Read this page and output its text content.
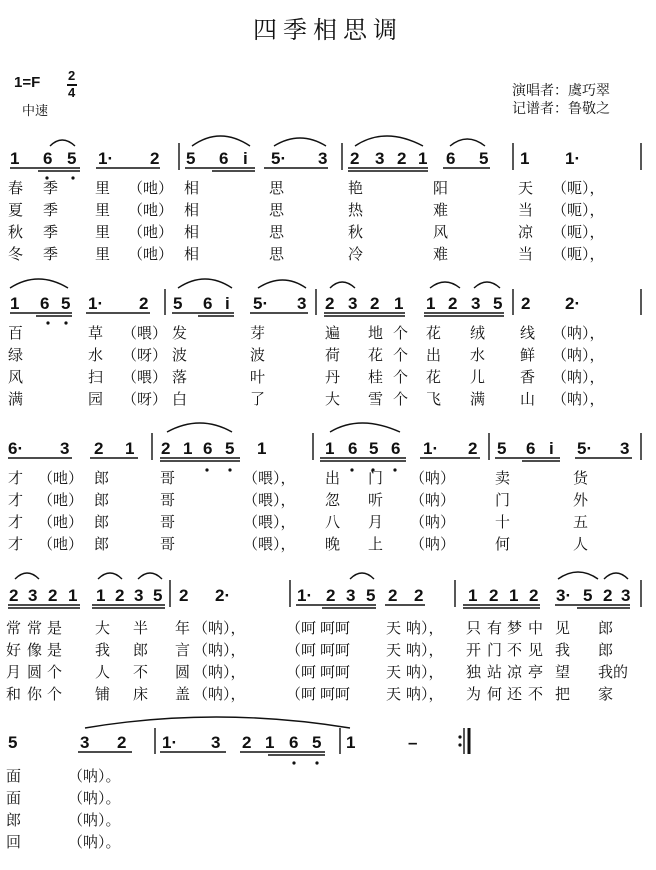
四季相思调
1=F 2
4
中速
演唱者：虞巧翠
记谱者：鲁敬之
1 6 5 1· 2 5 6 i 5· 3 2 3 2 1 6 5 1 1·
春 季 里 （吔） 相	思	艳	阳	天 （呃），
夏 季 里 （吔） 相	思	热	难	当 （呃），
秋 季 里 （吔） 相	思	秋	风	凉 （呃），
冬 季 里 （吔） 相	思	冷	难	当 （呃），
1 6 5 1· 2 5 6 i 5· 3 2 3 2 1 1 2 3 5 2 2·
百	草 （喂） 发	芽	遍 地 个 花 绒 线 （呐），
绿	水 （呀） 波	波	荷 花 个 出 水 鲜 （呐），
风	扫 （喂） 落	叶	丹 桂 个 花 儿 香 （呐），
满	园 （呀） 白	了	大 雪 个 飞 满 山 （呐），
6· 3 2 1 2 1 6 5 1	1 6 5 6 1· 2 5 6 i 5· 3
才 （吔） 郎	哥	（喂）， 出 门 （呐）	卖	货
才 （吔） 郎	哥	（喂）， 忽 听 （呐）	门	外
才 （吔） 郎	哥	（喂）， 八 月 （呐）	十	五
才 （吔） 郎	哥	（喂）， 晚 上 （呐）	何	人
2 3 2 1 1 2 3 5 2 2·	1· 2 3 5 2 2	1 2 1 2 3· 5 2 3
常 常 是 大 半 年 （呐），	（呵 呵呵 天 呐）， 只 有 梦 中 见 郎
好 像 是 我 郎 言 （呐），	（呵 呵呵 天 呐）， 开 门 不 见 我 郎
月 圆 个 人 不 圆 （呐），	（呵 呵呵 天 呐）， 独 站 凉 亭 望 我的
和 你 个 铺 床 盖 （呐），	（呵 呵呵 天 呐）， 为 何 还 不 把 家
5	3 2 1· 3 2 1 6 5 1	–
面	（呐）。
面	（呐）。
郎	（呐）。
回	（呐）。
